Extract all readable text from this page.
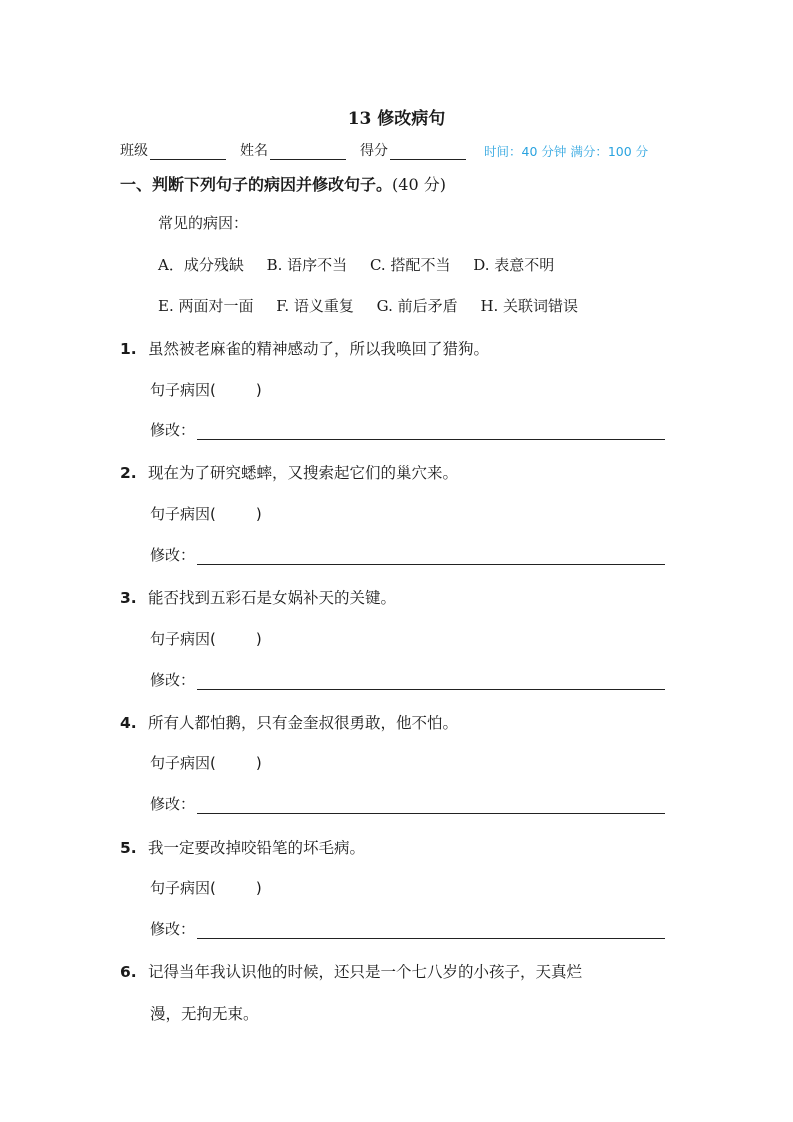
13 修改病句
班级	姓名	得分	时间：40 分钟 满分：100 分
一、判断下列句子的病因并修改句子。(40 分)
常见的病因：
A．成分残缺 B. 语序不当 C. 搭配不当 D. 表意不明
E. 两面对一面 F. 语义重复 G. 前后矛盾 H. 关联词错误
1. 虽然被老麻雀的精神感动了，所以我唤回了猎狗。
句子病因(	)
修改：
2. 现在为了研究蟋蟀，又搜索起它们的巢穴来。
句子病因(	)
修改：
3. 能否找到五彩石是女娲补天的关键。
句子病因(	)
修改：
4. 所有人都怕鹅，只有金奎叔很勇敢，他不怕。
句子病因(	)
修改：
5. 我一定要改掉咬铅笔的坏毛病。
句子病因(	)
修改：
6. 记得当年我认识他的时候，还只是一个七八岁的小孩子，天真烂
漫，无拘无束。
